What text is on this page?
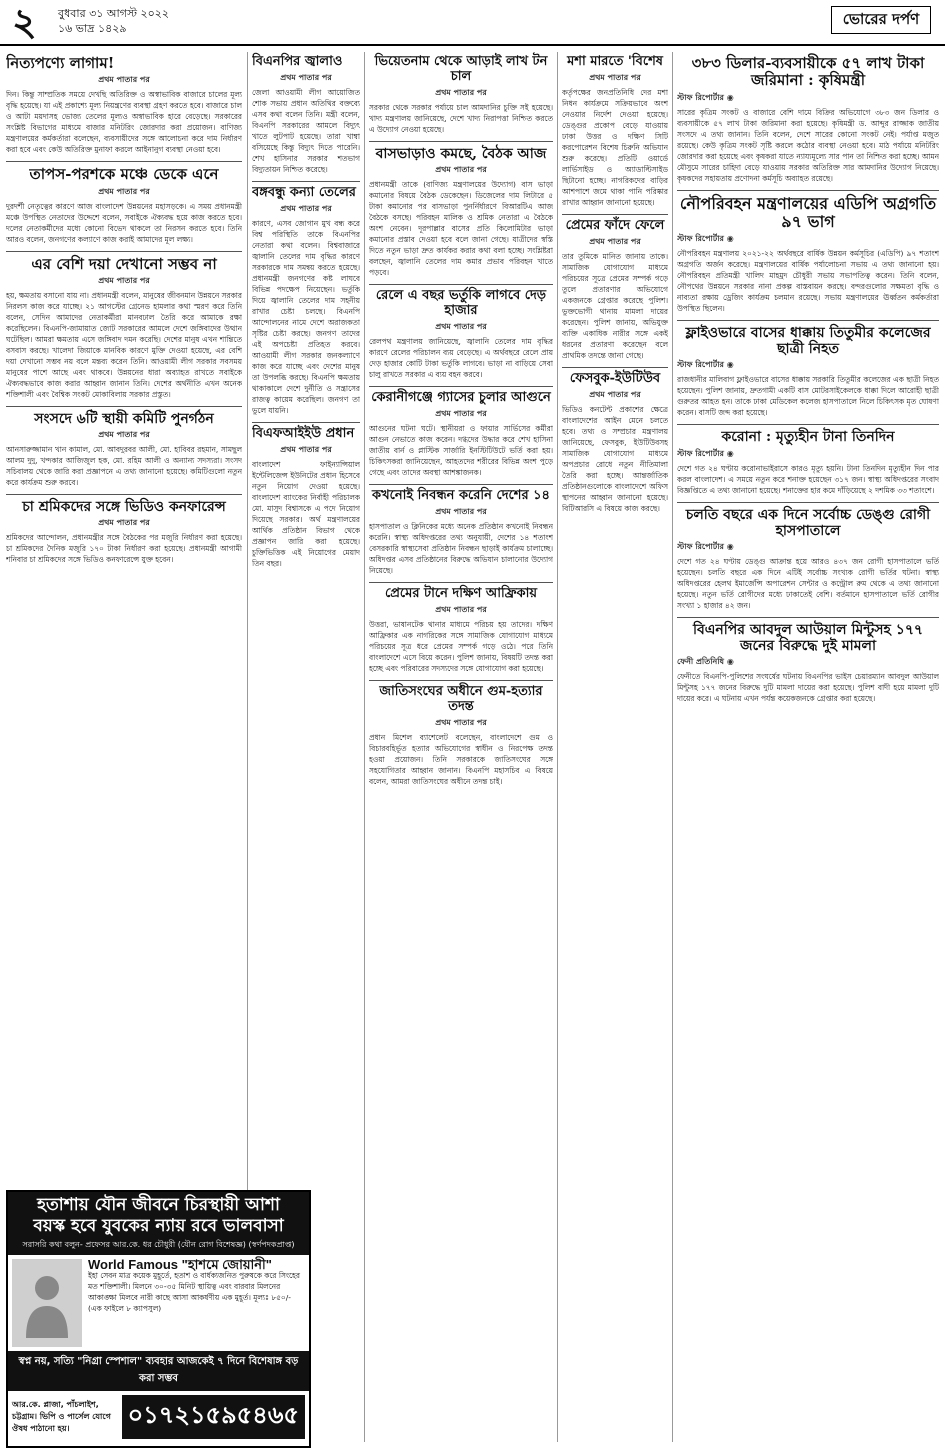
২ বুধবার ৩১ আগস্ট ২০২২
১৬ ভাদ্র ১৪২৯
ভোরের দর্পণ
নিত্যপণ্যে লাগাম!
প্রথম পাতার পর
দিন। কিন্তু সাম্প্রতিক সময়ে দেখছি অতিরিক্ত ও অস্বাভাবিক বাজারে চালের মূল্য বৃদ্ধি হয়েছে। যা এই প্রকাশ্যে মূল্য নিয়ন্ত্রণের ব্যবস্থা গ্রহণ করতে হবে। বাজারে চাল ও আটা ময়দাসহ ভোজ্য তেলের মূল্যও অস্বাভাবিক হারে বেড়েছে। সরকারের সংশ্লিষ্ট বিভাগের মাধ্যমে বাজার মনিটরিং জোরদার করা প্রয়োজন। বাণিজ্য মন্ত্রণালয়ের কর্মকর্তারা বলেছেন, ব্যবসায়ীদের সঙ্গে আলোচনা করে দাম নির্ধারণ করা হবে এবং কেউ অতিরিক্ত মুনাফা করলে আইনানুগ ব্যবস্থা নেওয়া হবে।
তাপস-পরশকে মঞ্চে ডেকে এনে
প্রথম পাতার পর
দুরদর্শী নেতৃত্বের কারণে আজ বাংলাদেশ উন্নয়নের মহাসড়কে। এ সময় প্রধানমন্ত্রী মঞ্চে উপস্থিত নেতাদের উদ্দেশে বলেন, সবাইকে ঐক্যবদ্ধ হয়ে কাজ করতে হবে। দলের নেতাকর্মীদের মধ্যে কোনো বিভেদ থাকলে তা নিরসন করতে হবে। তিনি আরও বলেন, জনগণের কল্যাণে কাজ করাই আমাদের মূল লক্ষ্য।
এর বেশি দয়া দেখানো সম্ভব না
প্রথম পাতার পর
হয়, ক্ষমতায় বসানো যায় না। প্রধানমন্ত্রী বলেন, মানুষের জীবনমান উন্নয়নে সরকার নিরলস কাজ করে যাচ্ছে। ২১ আগস্টের গ্রেনেড হামলার কথা স্মরণ করে তিনি বলেন, সেদিন আমাদের নেতাকর্মীরা মানবঢাল তৈরি করে আমাকে রক্ষা করেছিলেন। বিএনপি-জামায়াত জোট সরকারের আমলে দেশে জঙ্গিবাদের উত্থান ঘটেছিল। আমরা ক্ষমতায় এসে জঙ্গিবাদ দমন করেছি। দেশের মানুষ এখন শান্তিতে বসবাস করছে। খালেদা জিয়াকে মানবিক কারণে মুক্তি দেওয়া হয়েছে, এর বেশি দয়া দেখানো সম্ভব নয় বলে মন্তব্য করেন তিনি। আওয়ামী লীগ সরকার সবসময় মানুষের পাশে আছে এবং থাকবে। উন্নয়নের ধারা অব্যাহত রাখতে সবাইকে ঐক্যবদ্ধভাবে কাজ করার আহ্বান জানান তিনি। দেশের অর্থনীতি এখন অনেক শক্তিশালী এবং বৈশ্বিক সংকট মোকাবিলায় সরকার প্রস্তুত।
সংসদে ৬টি স্থায়ী কমিটি পুনর্গঠন
প্রথম পাতার পর
আনসারুজ্জামান খান কামাল, মো. আবদুরবর আলী, মো. হাবিবর রহমান, সামছুল আলম দুদু, খন্দকার আজিজুল হক, মো. রহিম আলী ও অন্যান্য সদস্যরা। সংসদ সচিবালয় থেকে জারি করা প্রজ্ঞাপনে এ তথ্য জানানো হয়েছে। কমিটিগুলো নতুন করে কার্যক্রম শুরু করবে।
চা শ্রমিকদের সঙ্গে ভিডিও কনফারেন্স
প্রথম পাতার পর
শ্রমিকদের আন্দোলন, প্রধানমন্ত্রীর সঙ্গে বৈঠকের পর মজুরি নির্ধারণ করা হয়েছে। চা শ্রমিকদের দৈনিক মজুরি ১৭০ টাকা নির্ধারণ করা হয়েছে। প্রধানমন্ত্রী আগামী শনিবার চা শ্রমিকদের সঙ্গে ভিডিও কনফারেন্সে যুক্ত হবেন।
বিএনপির জ্বালাও
প্রথম পাতার পর
জেলা আওয়ামী লীগ আয়োজিত শোক সভায় প্রধান অতিথির বক্তব্যে এসব কথা বলেন তিনি। মন্ত্রী বলেন, বিএনপি সরকারের আমলে বিদ্যুৎ খাতে লুটপাট হয়েছে। তারা খাম্বা বসিয়েছে কিন্তু বিদ্যুৎ দিতে পারেনি। শেখ হাসিনার সরকার শতভাগ বিদ্যুতায়ন নিশ্চিত করেছে।
বঙ্গবন্ধু কন্যা তেলের
প্রথম পাতার পর
কারণে, এসব জোগান মুখ বন্ধ করে বিশ্ব পরিস্থিতি তাকে বিএনপির নেতারা কথা বলেন। বিশ্ববাজারে জ্বালানি তেলের দাম বৃদ্ধির কারণে সরকারকে দাম সমন্বয় করতে হয়েছে। প্রধানমন্ত্রী জনগণের কষ্ট লাঘবে বিভিন্ন পদক্ষেপ নিয়েছেন। ভর্তুকি দিয়ে জ্বালানি তেলের দাম সহনীয় রাখার চেষ্টা চলছে। বিএনপি আন্দোলনের নামে দেশে অরাজকতা সৃষ্টির চেষ্টা করছে। জনগণ তাদের এই অপচেষ্টা প্রতিহত করবে। আওয়ামী লীগ সরকার জনকল্যাণে কাজ করে যাচ্ছে এবং দেশের মানুষ তা উপলব্ধি করছে। বিএনপি ক্ষমতায় থাকাকালে দেশে দুর্নীতি ও সন্ত্রাসের রাজত্ব কায়েম করেছিল। জনগণ তা ভুলে যায়নি।
বিএফআইইউ প্রধান
প্রথম পাতার পর
বাংলাদেশ ফাইন্যান্সিয়াল ইন্টেলিজেন্স ইউনিটের প্রধান হিসেবে নতুন নিয়োগ দেওয়া হয়েছে। বাংলাদেশ ব্যাংকের নির্বাহী পরিচালক মো. মাসুদ বিশ্বাসকে এ পদে নিয়োগ দিয়েছে সরকার। অর্থ মন্ত্রণালয়ের আর্থিক প্রতিষ্ঠান বিভাগ থেকে প্রজ্ঞাপন জারি করা হয়েছে। চুক্তিভিত্তিক এই নিয়োগের মেয়াদ তিন বছর।
ভিয়েতনাম থেকে আড়াই লাখ টন চাল
প্রথম পাতার পর
সরকার থেকে সরকার পর্যায়ে চাল আমদানির চুক্তি সই হয়েছে। খাদ্য মন্ত্রণালয় জানিয়েছে, দেশে খাদ্য নিরাপত্তা নিশ্চিত করতে এ উদ্যোগ নেওয়া হয়েছে।
বাসভাড়াও কমছে, বৈঠক আজ
প্রথম পাতার পর
প্রধানমন্ত্রী তাকে (বাণিজ্য মন্ত্রণালয়ের উদ্যোগ) বাস ভাড়া কমানোর বিষয়ে বৈঠক ডেকেছেন। ডিজেলের দাম লিটারে ৫ টাকা কমানোর পর বাসভাড়া পুনর্নির্ধারণে বিআরটিএ আজ বৈঠকে বসছে। পরিবহন মালিক ও শ্রমিক নেতারা এ বৈঠকে অংশ নেবেন। দূরপাল্লার বাসের প্রতি কিলোমিটার ভাড়া কমানোর প্রস্তাব দেওয়া হবে বলে জানা গেছে। যাত্রীদের স্বস্তি দিতে নতুন ভাড়া দ্রুত কার্যকর করার কথা বলা হচ্ছে। সংশ্লিষ্টরা বলছেন, জ্বালানি তেলের দাম কমার প্রভাব পরিবহন খাতে পড়বে।
রেলে এ বছর ভর্তুকি লাগবে দেড় হাজার
প্রথম পাতার পর
রেলপথ মন্ত্রণালয় জানিয়েছে, জ্বালানি তেলের দাম বৃদ্ধির কারণে রেলের পরিচালন ব্যয় বেড়েছে। এ অর্থবছরে রেলে প্রায় দেড় হাজার কোটি টাকা ভর্তুকি লাগবে। ভাড়া না বাড়িয়ে সেবা চালু রাখতে সরকার এ ব্যয় বহন করবে।
কেরানীগঞ্জে গ্যাসের চুলার আগুনে
প্রথম পাতার পর
আগুনের ঘটনা ঘটে। স্থানীয়রা ও ফায়ার সার্ভিসের কর্মীরা আগুন নেভাতে কাজ করেন। দগ্ধদের উদ্ধার করে শেখ হাসিনা জাতীয় বার্ন ও প্লাস্টিক সার্জারি ইনস্টিটিউটে ভর্তি করা হয়। চিকিৎসকরা জানিয়েছেন, আহতদের শরীরের বিভিন্ন অংশ পুড়ে গেছে এবং তাদের অবস্থা আশঙ্কাজনক।
কখনোই নিবন্ধন করেনি দেশের ১৪
প্রথম পাতার পর
হাসপাতাল ও ক্লিনিকের মধ্যে অনেক প্রতিষ্ঠান কখনোই নিবন্ধন করেনি। স্বাস্থ্য অধিদপ্তরের তথ্য অনুযায়ী, দেশের ১৪ শতাংশ বেসরকারি স্বাস্থ্যসেবা প্রতিষ্ঠান নিবন্ধন ছাড়াই কার্যক্রম চালাচ্ছে। অধিদপ্তর এসব প্রতিষ্ঠানের বিরুদ্ধে অভিযান চালানোর উদ্যোগ নিয়েছে।
প্রেমের টানে দক্ষিণ আফ্রিকায়
প্রথম পাতার পর
উত্তরা, ভাষানটেক থানার মাধ্যমে পরিচয় হয় তাদের। দক্ষিণ আফ্রিকার এক নাগরিকের সঙ্গে সামাজিক যোগাযোগ মাধ্যমে পরিচয়ের সূত্র ধরে প্রেমের সম্পর্ক গড়ে ওঠে। পরে তিনি বাংলাদেশে এসে বিয়ে করেন। পুলিশ জানায়, বিষয়টি তদন্ত করা হচ্ছে এবং পরিবারের সদস্যদের সঙ্গে যোগাযোগ করা হয়েছে।
জাতিসংঘের অধীনে গুম-হত্যার তদন্ত
প্রথম পাতার পর
প্রধান মিশেল ব্যাশেলেট বলেছেন, বাংলাদেশে গুম ও বিচারবহির্ভূত হত্যার অভিযোগের স্বাধীন ও নিরপেক্ষ তদন্ত হওয়া প্রয়োজন। তিনি সরকারকে জাতিসংঘের সঙ্গে সহযোগিতার আহ্বান জানান। বিএনপি মহাসচিব এ বিষয়ে বলেন, আমরা জাতিসংঘের অধীনে তদন্ত চাই।
মশা মারতে 'বিশেষ
প্রথম পাতার পর
কর্তৃপক্ষের জনপ্রতিনিধি দের মশা নিধন কার্যক্রমে সক্রিয়ভাবে অংশ নেওয়ার নির্দেশ দেওয়া হয়েছে। ডেঙ্গুর প্রকোপ বেড়ে যাওয়ায় ঢাকা উত্তর ও দক্ষিণ সিটি করপোরেশন বিশেষ চিরুনি অভিযান শুরু করেছে। প্রতিটি ওয়ার্ডে লার্ভিসাইড ও অ্যাডাল্টিসাইড ছিটানো হচ্ছে। নাগরিকদের বাড়ির আশপাশে জমে থাকা পানি পরিষ্কার রাখার আহ্বান জানানো হয়েছে।
প্রেমের ফাঁদে ফেলে
প্রথম পাতার পর
তার তুমিকে মানিত জানায় তাকে। সামাজিক যোগাযোগ মাধ্যমে পরিচয়ের সূত্রে প্রেমের সম্পর্ক গড়ে তুলে প্রতারণার অভিযোগে একজনকে গ্রেপ্তার করেছে পুলিশ। ভুক্তভোগী থানায় মামলা দায়ের করেছেন। পুলিশ জানায়, অভিযুক্ত ব্যক্তি একাধিক নারীর সঙ্গে একই ধরনের প্রতারণা করেছেন বলে প্রাথমিক তদন্তে জানা গেছে।
ফেসবুক-ইউটিউব
প্রথম পাতার পর
ভিডিও কনটেন্ট প্রকাশের ক্ষেত্রে বাংলাদেশের আইন মেনে চলতে হবে। তথ্য ও সম্প্রচার মন্ত্রণালয় জানিয়েছে, ফেসবুক, ইউটিউবসহ সামাজিক যোগাযোগ মাধ্যমে অপপ্রচার রোধে নতুন নীতিমালা তৈরি করা হচ্ছে। আন্তর্জাতিক প্রতিষ্ঠানগুলোকে বাংলাদেশে অফিস স্থাপনের আহ্বান জানানো হয়েছে। বিটিআরসি এ বিষয়ে কাজ করছে।
৩৮৩ ডিলার-ব্যবসায়ীকে ৫৭ লাখ টাকা জরিমানা : কৃষিমন্ত্রী
স্টাফ রিপোর্টার ◉
সারের কৃত্রিম সংকট ও বাজারে বেশি দামে বিক্রির অভিযোগে ৩৮৩ জন ডিলার ও ব্যবসায়ীকে ৫৭ লাখ টাকা জরিমানা করা হয়েছে। কৃষিমন্ত্রী ড. আব্দুর রাজ্জাক জাতীয় সংসদে এ তথ্য জানান। তিনি বলেন, দেশে সারের কোনো সংকট নেই। পর্যাপ্ত মজুত রয়েছে। কেউ কৃত্রিম সংকট সৃষ্টি করলে কঠোর ব্যবস্থা নেওয়া হবে। মাঠ পর্যায়ে মনিটরিং জোরদার করা হয়েছে এবং কৃষকরা যাতে ন্যায্যমূল্যে সার পান তা নিশ্চিত করা হচ্ছে। আমন মৌসুমে সারের চাহিদা বেড়ে যাওয়ায় সরকার অতিরিক্ত সার আমদানির উদ্যোগ নিয়েছে। কৃষকদের সহায়তায় প্রণোদনা কর্মসূচি অব্যাহত রয়েছে।
নৌপরিবহন মন্ত্রণালয়ের এডিপি অগ্রগতি ৯৭ ভাগ
স্টাফ রিপোর্টার ◉
নৌপরিবহন মন্ত্রণালয় ২০২১-২২ অর্থবছরে বার্ষিক উন্নয়ন কর্মসূচির (এডিপি) ৯৭ শতাংশ অগ্রগতি অর্জন করেছে। মন্ত্রণালয়ের বার্ষিক পর্যালোচনা সভায় এ তথ্য জানানো হয়। নৌপরিবহন প্রতিমন্ত্রী খালিদ মাহমুদ চৌধুরী সভায় সভাপতিত্ব করেন। তিনি বলেন, নৌপথের উন্নয়নে সরকার নানা প্রকল্প বাস্তবায়ন করছে। বন্দরগুলোর সক্ষমতা বৃদ্ধি ও নাব্যতা রক্ষায় ড্রেজিং কার্যক্রম চলমান রয়েছে। সভায় মন্ত্রণালয়ের ঊর্ধ্বতন কর্মকর্তারা উপস্থিত ছিলেন।
ফ্লাইওভারে বাসের ধাক্কায় তিতুমীর কলেজের ছাত্রী নিহত
স্টাফ রিপোর্টার ◉
রাজধানীর মালিবাগ ফ্লাইওভারে বাসের ধাক্কায় সরকারি তিতুমীর কলেজের এক ছাত্রী নিহত হয়েছেন। পুলিশ জানায়, দ্রুতগামী একটি বাস মোটরসাইকেলকে ধাক্কা দিলে আরোহী ছাত্রী গুরুতর আহত হন। তাকে ঢাকা মেডিকেল কলেজ হাসপাতালে নিলে চিকিৎসক মৃত ঘোষণা করেন। বাসটি জব্দ করা হয়েছে।
করোনা : মৃত্যুহীন টানা তিনদিন
স্টাফ রিপোর্টার ◉
দেশে গত ২৪ ঘণ্টায় করোনাভাইরাসে কারও মৃত্যু হয়নি। টানা তিনদিন মৃত্যুহীন দিন পার করল বাংলাদেশ। এ সময়ে নতুন করে শনাক্ত হয়েছেন ৩১৭ জন। স্বাস্থ্য অধিদপ্তরের সংবাদ বিজ্ঞপ্তিতে এ তথ্য জানানো হয়েছে। শনাক্তের হার কমে দাঁড়িয়েছে ২ দশমিক ৩৩ শতাংশে।
চলতি বছরে এক দিনে সর্বোচ্চ ডেঙ্গু রোগী হাসপাতালে
স্টাফ রিপোর্টার ◉
দেশে গত ২৪ ঘণ্টায় ডেঙ্গু আক্রান্ত হয়ে আরও ৪৩৭ জন রোগী হাসপাতালে ভর্তি হয়েছেন। চলতি বছরে এক দিনে এটিই সর্বোচ্চ সংখ্যক রোগী ভর্তির ঘটনা। স্বাস্থ্য অধিদপ্তরের হেলথ ইমার্জেন্সি অপারেশন সেন্টার ও কন্ট্রোল রুম থেকে এ তথ্য জানানো হয়েছে। নতুন ভর্তি রোগীদের মধ্যে ঢাকাতেই বেশি। বর্তমানে হাসপাতালে ভর্তি রোগীর সংখ্যা ১ হাজার ৪২ জন।
বিএনপির আবদুল আউয়াল মিন্টুসহ ১৭৭ জনের বিরুদ্ধে দুই মামলা
ফেনী প্রতিনিধি ◉
ফেনীতে বিএনপি-পুলিশের সংঘর্ষের ঘটনায় বিএনপির ভাইস চেয়ারম্যান আবদুল আউয়াল মিন্টুসহ ১৭৭ জনের বিরুদ্ধে দুটি মামলা দায়ের করা হয়েছে। পুলিশ বাদী হয়ে মামলা দুটি দায়ের করে। এ ঘটনায় এখন পর্যন্ত কয়েকজনকে গ্রেপ্তার করা হয়েছে।
হতাশায় যৌন জীবনে চিরস্থায়ী আশা
বয়স্ক হবে যুবকের ন্যায় রবে ভালবাসা
সরাসরি কথা বলুন- প্রফেসর আর.কে. ধর চৌধুরী (যৌন রোগ বিশেষজ্ঞ) (স্বর্ণপদকপ্রাপ্ত)
World Famous "হাশমে জোয়ানী"
ইহা সেবন মাত্র কয়েক মুহূর্তে, হতাশ ও বার্ধক্যজনিত পুরুষকে করে সিংহের মত শক্তিশালী। মিলনে ৩০-৩৫ মিনিট স্থায়িত্ব এবং বারবার মিলনের আকাঙ্ক্ষা মিলবে নারী কাছে আসা আকর্ষণীয় এক মুহূর্ত। মূল্যঃ ৮৫০/- (এক ফাইলে ৮ ক্যাপসুল)
স্বপ্ন নয়, সত্যি "নিগ্রা স্পেশাল" ব্যবহার আজকেই ৭ দিনে বিশেষাঙ্গ বড় করা সম্ভব
আর.কে. প্লাজা, পাঁচলাইশ, চট্টগ্রাম। ভিপি ও পার্সেল যোগে ঔষধ পাঠানো হয়।	০১৭২১৫৯৫৪৬৫
